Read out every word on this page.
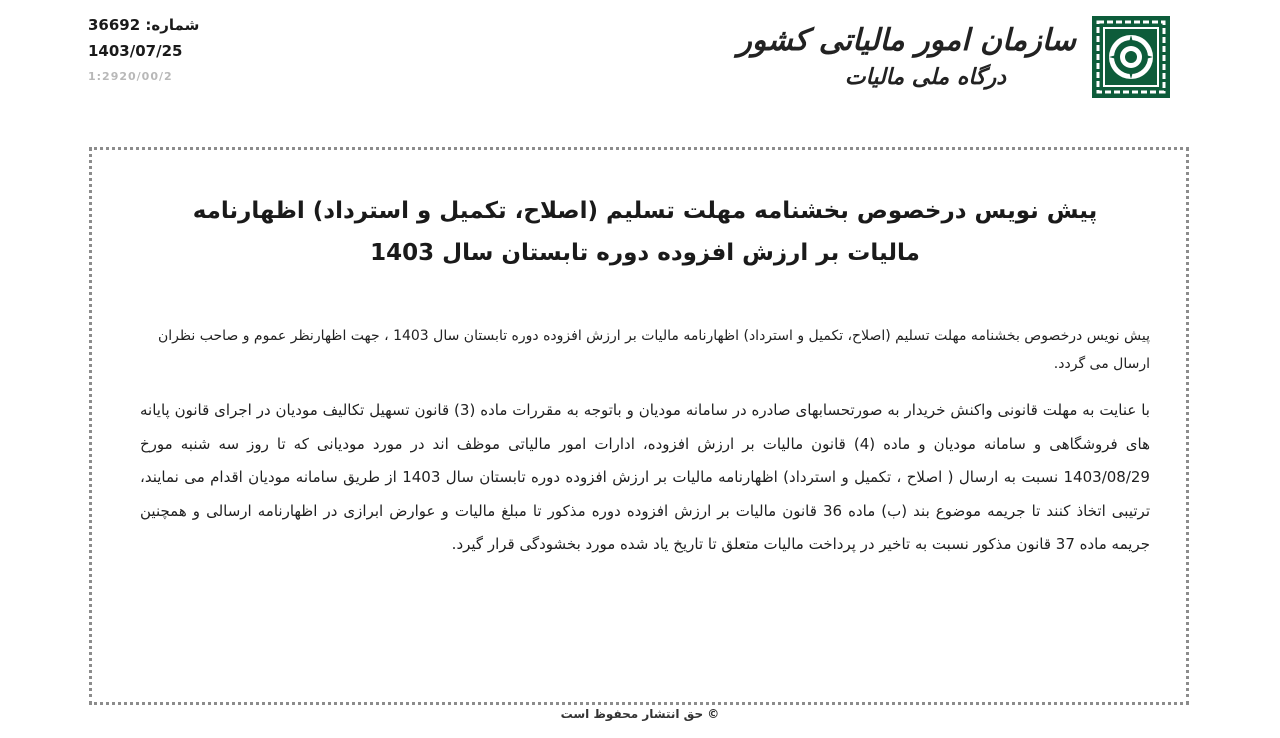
شماره: 36692
1403/07/25
1:2920/00/2
سازمان امور مالیاتی کشور
درگاه ملی مالیات
پیش نویس درخصوص بخشنامه مهلت تسلیم (اصلاح، تکمیل و استرداد) اظهارنامه مالیات بر ارزش افزوده دوره تابستان سال 1403

پیش نویس درخصوص بخشنامه مهلت تسلیم (اصلاح، تکمیل و استرداد) اظهارنامه مالیات بر ارزش افزوده دوره تابستان سال 1403 ، جهت اظهارنظر عموم و صاحب نظران ارسال می گردد.

با عنایت به مهلت قانونی واکنش خریدار به صورتحسابهای صادره در سامانه مودیان و باتوجه به مقررات ماده (3) قانون تسهیل تکالیف مودیان در اجرای قانون پایانه های فروشگاهی و سامانه مودیان و ماده (4) قانون مالیات بر ارزش افزوده، ادارات امور مالیاتی موظف اند در مورد مودیانی که تا روز سه شنبه مورخ 1403/08/29 نسبت به ارسال ( اصلاح ، تکمیل و استرداد) اظهارنامه مالیات بر ارزش افزوده دوره تابستان سال 1403 از طریق سامانه مودیان اقدام می نمایند، ترتیبی اتخاذ کنند تا جریمه موضوع بند (ب) ماده 36 قانون مالیات بر ارزش افزوده دوره مذکور تا مبلغ مالیات و عوارض ابرازی در اظهارنامه ارسالی و همچنین جریمه ماده 37 قانون مذکور نسبت به تاخیر در پرداخت مالیات متعلق تا تاریخ یاد شده مورد بخشودگی قرار گیرد.

© حق انتشار محفوظ است
